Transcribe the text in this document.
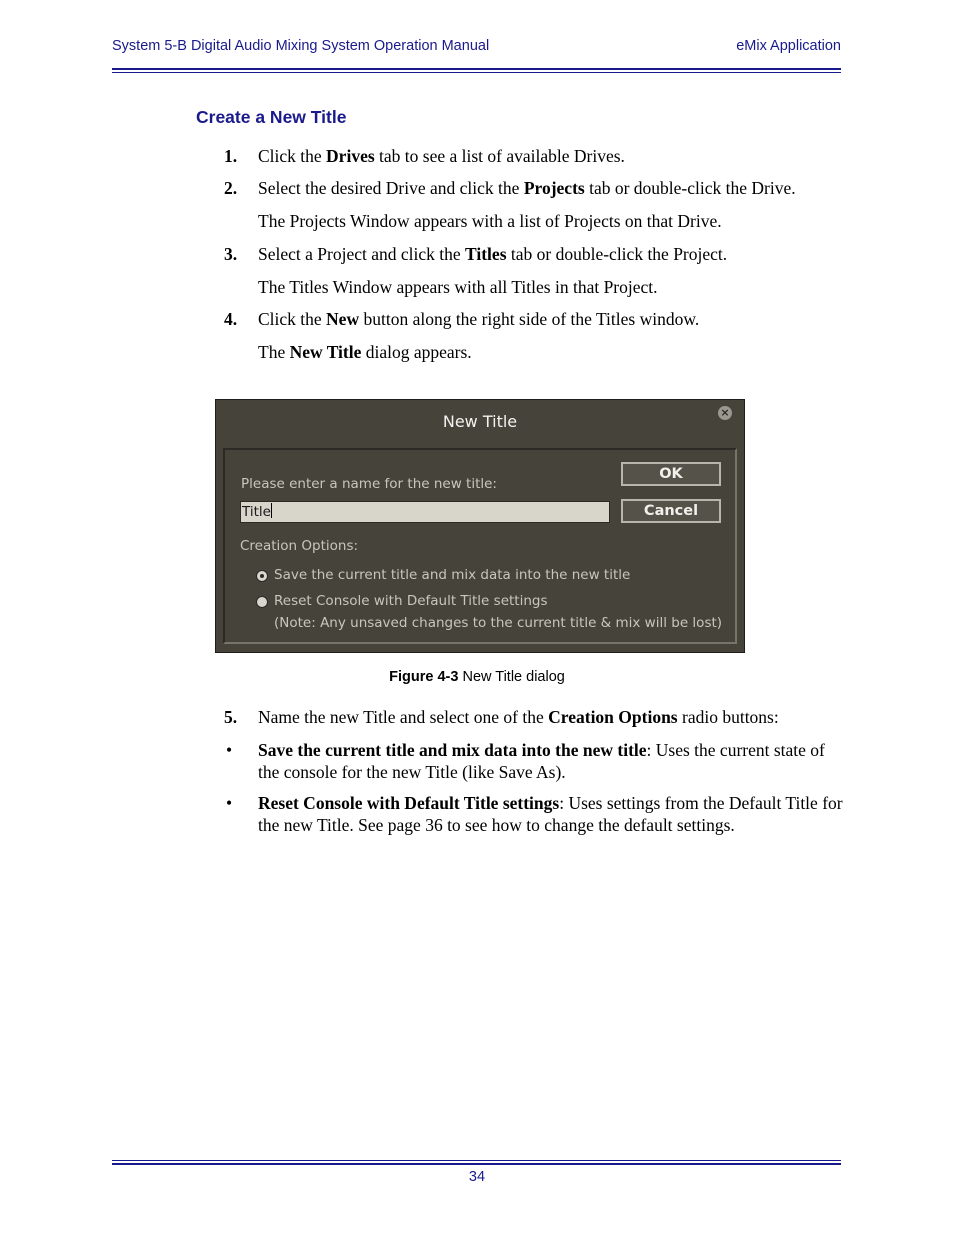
System 5-B Digital Audio Mixing System Operation Manual	eMix Application
Create a New Title
1. Click the Drives tab to see a list of available Drives.
2. Select the desired Drive and click the Projects tab or double-click the Drive.
The Projects Window appears with a list of Projects on that Drive.
3. Select a Project and click the Titles tab or double-click the Project.
The Titles Window appears with all Titles in that Project.
4. Click the New button along the right side of the Titles window.
The New Title dialog appears.
New Title	×
Please enter a name for the new title:
Title
OK
Cancel
Creation Options:
Save the current title and mix data into the new title
Reset Console with Default Title settings
(Note: Any unsaved changes to the current title & mix will be lost)
Figure 4-3 New Title dialog
5. Name the new Title and select one of the Creation Options radio buttons:
• Save the current title and mix data into the new title: Uses the current state of the console for the new Title (like Save As).
• Reset Console with Default Title settings: Uses settings from the Default Title for the new Title. See page 36 to see how to change the default settings.
34
